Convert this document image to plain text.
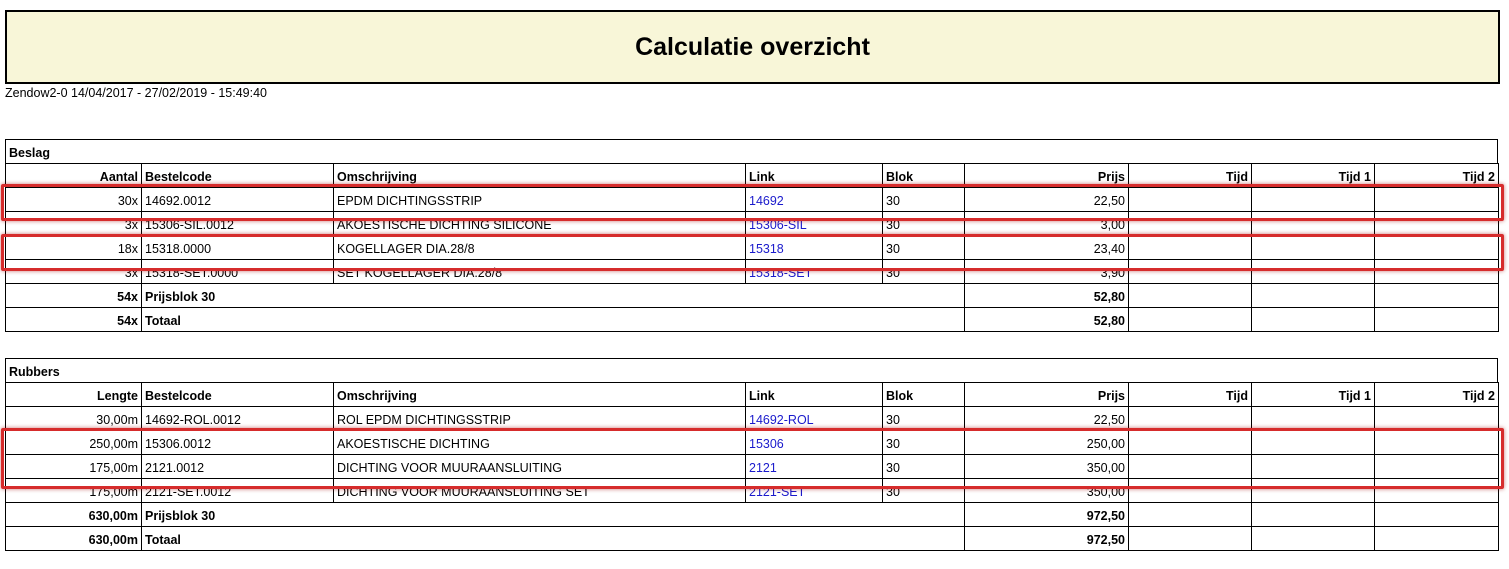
Calculatie overzicht
Zendow2-0 14/04/2017 - 27/02/2019 - 15:49:40
Beslag
Aantal	Bestelcode	Omschrijving	Link	Blok	Prijs	Tijd	Tijd 1	Tijd 2
30x	14692.0012	EPDM DICHTINGSSTRIP	14692	30	22,50			
3x	15306-SIL.0012	AKOESTISCHE DICHTING SILICONE	15306-SIL	30	3,00			
18x	15318.0000	KOGELLAGER DIA.28/8	15318	30	23,40			
3x	15318-SET.0000	SET KOGELLAGER DIA.28/8	15318-SET	30	3,90			
54x	Prijsblok 30				52,80			
54x	Totaal				52,80			
Rubbers
Lengte	Bestelcode	Omschrijving	Link	Blok	Prijs	Tijd	Tijd 1	Tijd 2
30,00m	14692-ROL.0012	ROL EPDM DICHTINGSSTRIP	14692-ROL	30	22,50			
250,00m	15306.0012	AKOESTISCHE DICHTING	15306	30	250,00			
175,00m	2121.0012	DICHTING VOOR MUURAANSLUITING	2121	30	350,00			
175,00m	2121-SET.0012	DICHTING VOOR MUURAANSLUITING SET	2121-SET	30	350,00			
630,00m	Prijsblok 30				972,50			
630,00m	Totaal				972,50			
